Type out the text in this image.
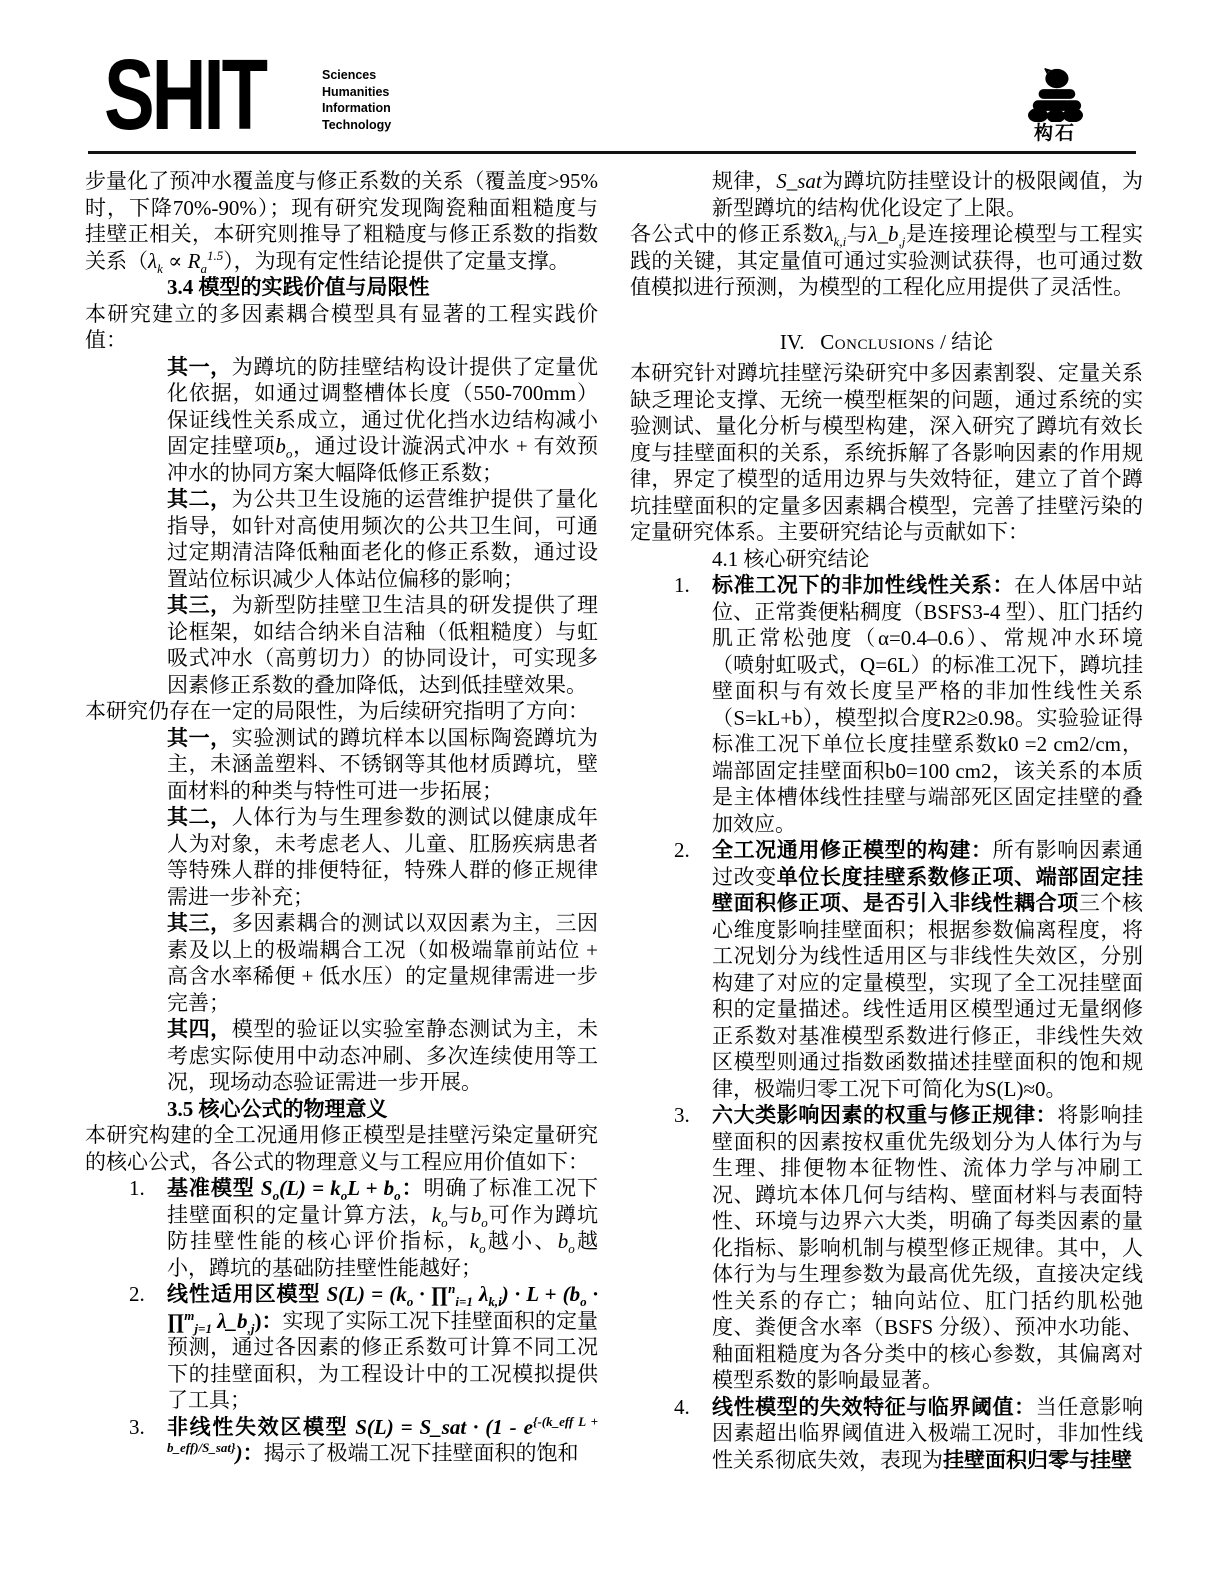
SHIT	Sciences
Humanities
Information
Technology	构石
步量化了预冲水覆盖度与修正系数的关系（覆盖度>95%时，下降70%-90%）；现有研究发现陶瓷釉面粗糙度与挂壁正相关，本研究则推导了粗糙度与修正系数的指数关系$(\lambda_k \propto R_a^{1.5})$，为现有定性结论提供了定量支撑。
3.4 模型的实践价值与局限性
本研究建立的多因素耦合模型具有显著的工程实践价值：
其一，为蹲坑的防挂壁结构设计提供了定量优化依据，如通过调整槽体长度（550-700mm）保证线性关系成立，通过优化挡水边结构减小固定挂壁项$b_o$，通过设计漩涡式冲水 + 有效预冲水的协同方案大幅降低修正系数；
其二，为公共卫生设施的运营维护提供了量化指导，如针对高使用频次的公共卫生间，可通过定期清洁降低釉面老化的修正系数，通过设置站位标识减少人体站位偏移的影响；
其三，为新型防挂壁卫生洁具的研发提供了理论框架，如结合纳米自洁釉（低粗糙度）与虹吸式冲水（高剪切力）的协同设计，可实现多因素修正系数的叠加降低，达到低挂壁效果。
本研究仍存在一定的局限性，为后续研究指明了方向：
其一，实验测试的蹲坑样本以国标陶瓷蹲坑为主，未涵盖塑料、不锈钢等其他材质蹲坑，壁面材料的种类与特性可进一步拓展；
其二，人体行为与生理参数的测试以健康成年人为对象，未考虑老人、儿童、肛肠疾病患者等特殊人群的排便特征，特殊人群的修正规律需进一步补充；
其三，多因素耦合的测试以双因素为主，三因素及以上的极端耦合工况（如极端靠前站位 + 高含水率稀便 + 低水压）的定量规律需进一步完善；
其四，模型的验证以实验室静态测试为主，未考虑实际使用中动态冲刷、多次连续使用等工况，现场动态验证需进一步开展。
3.5 核心公式的物理意义
本研究构建的全工况通用修正模型是挂壁污染定量研究的核心公式，各公式的物理意义与工程应用价值如下：
1. 基准模型 $S_o(L) = k_oL + b_o$：明确了标准工况下挂壁面积的定量计算方法，$k_o$与$b_o$可作为蹲坑防挂壁性能的核心评价指标，$k_o$越小、$b_o$越小，蹲坑的基础防挂壁性能越好；
2. 线性适用区模型 $S(L) = (k_o$ · ∏$^n_{i=1}$ $\lambda_{k,i}) \cdot L + (b_o$ · ∏$^m_{j=1}$ $\lambda\_b_{,j}$)：实现了实际工况下挂壁面积的定量预测，通过各因素的修正系数可计算不同工况下的挂壁面积，为工程设计中的工况模拟提供了工具；
3. 非线性失效区模型 S(L) = S_sat · $(1 - e^{\{-(k\_eff L + b\_eff)/S\_sat\}})$：揭示了极端工况下挂壁面积的饱和
规律，S_sat为蹲坑防挂壁设计的极限阈值，为新型蹲坑的结构优化设定了上限。
各公式中的修正系数$\lambda_{k,i}$与$\lambda\_b_{,j}$是连接理论模型与工程实践的关键，其定量值可通过实验测试获得，也可通过数值模拟进行预测，为模型的工程化应用提供了灵活性。
IV.   Conclusions / 结论
本研究针对蹲坑挂壁污染研究中多因素割裂、定量关系缺乏理论支撑、无统一模型框架的问题，通过系统的实验测试、量化分析与模型构建，深入研究了蹲坑有效长度与挂壁面积的关系，系统拆解了各影响因素的作用规律，界定了模型的适用边界与失效特征，建立了首个蹲坑挂壁面积的定量多因素耦合模型，完善了挂壁污染的定量研究体系。主要研究结论与贡献如下：
4.1 核心研究结论
1. 标准工况下的非加性线性关系：在人体居中站位、正常粪便粘稠度（BSFS3-4 型）、肛门括约肌正常松弛度（α=0.4–0.6）、常规冲水环境（喷射虹吸式，Q=6L）的标准工况下，蹲坑挂壁面积与有效长度呈严格的非加性线性关系（S=kL+b），模型拟合度R2≥0.98。实验验证得标准工况下单位长度挂壁系数k0 =2 cm2/cm，端部固定挂壁面积b0=100 cm2，该关系的本质是主体槽体线性挂壁与端部死区固定挂壁的叠加效应。
2. 全工况通用修正模型的构建：所有影响因素通过改变单位长度挂壁系数修正项、端部固定挂壁面积修正项、是否引入非线性耦合项三个核心维度影响挂壁面积；根据参数偏离程度，将工况划分为线性适用区与非线性失效区，分别构建了对应的定量模型，实现了全工况挂壁面积的定量描述。线性适用区模型通过无量纲修正系数对基准模型系数进行修正，非线性失效区模型则通过指数函数描述挂壁面积的饱和规律，极端归零工况下可简化为S(L)≈0。
3. 六大类影响因素的权重与修正规律：将影响挂壁面积的因素按权重优先级划分为人体行为与生理、排便物本征物性、流体力学与冲刷工况、蹲坑本体几何与结构、壁面材料与表面特性、环境与边界六大类，明确了每类因素的量化指标、影响机制与模型修正规律。其中，人体行为与生理参数为最高优先级，直接决定线性关系的存亡；轴向站位、肛门括约肌松弛度、粪便含水率（BSFS 分级）、预冲水功能、釉面粗糙度为各分类中的核心参数，其偏离对模型系数的影响最显著。
4. 线性模型的失效特征与临界阈值：当任意影响因素超出临界阈值进入极端工况时，非加性线性关系彻底失效，表现为挂壁面积归零与挂壁
